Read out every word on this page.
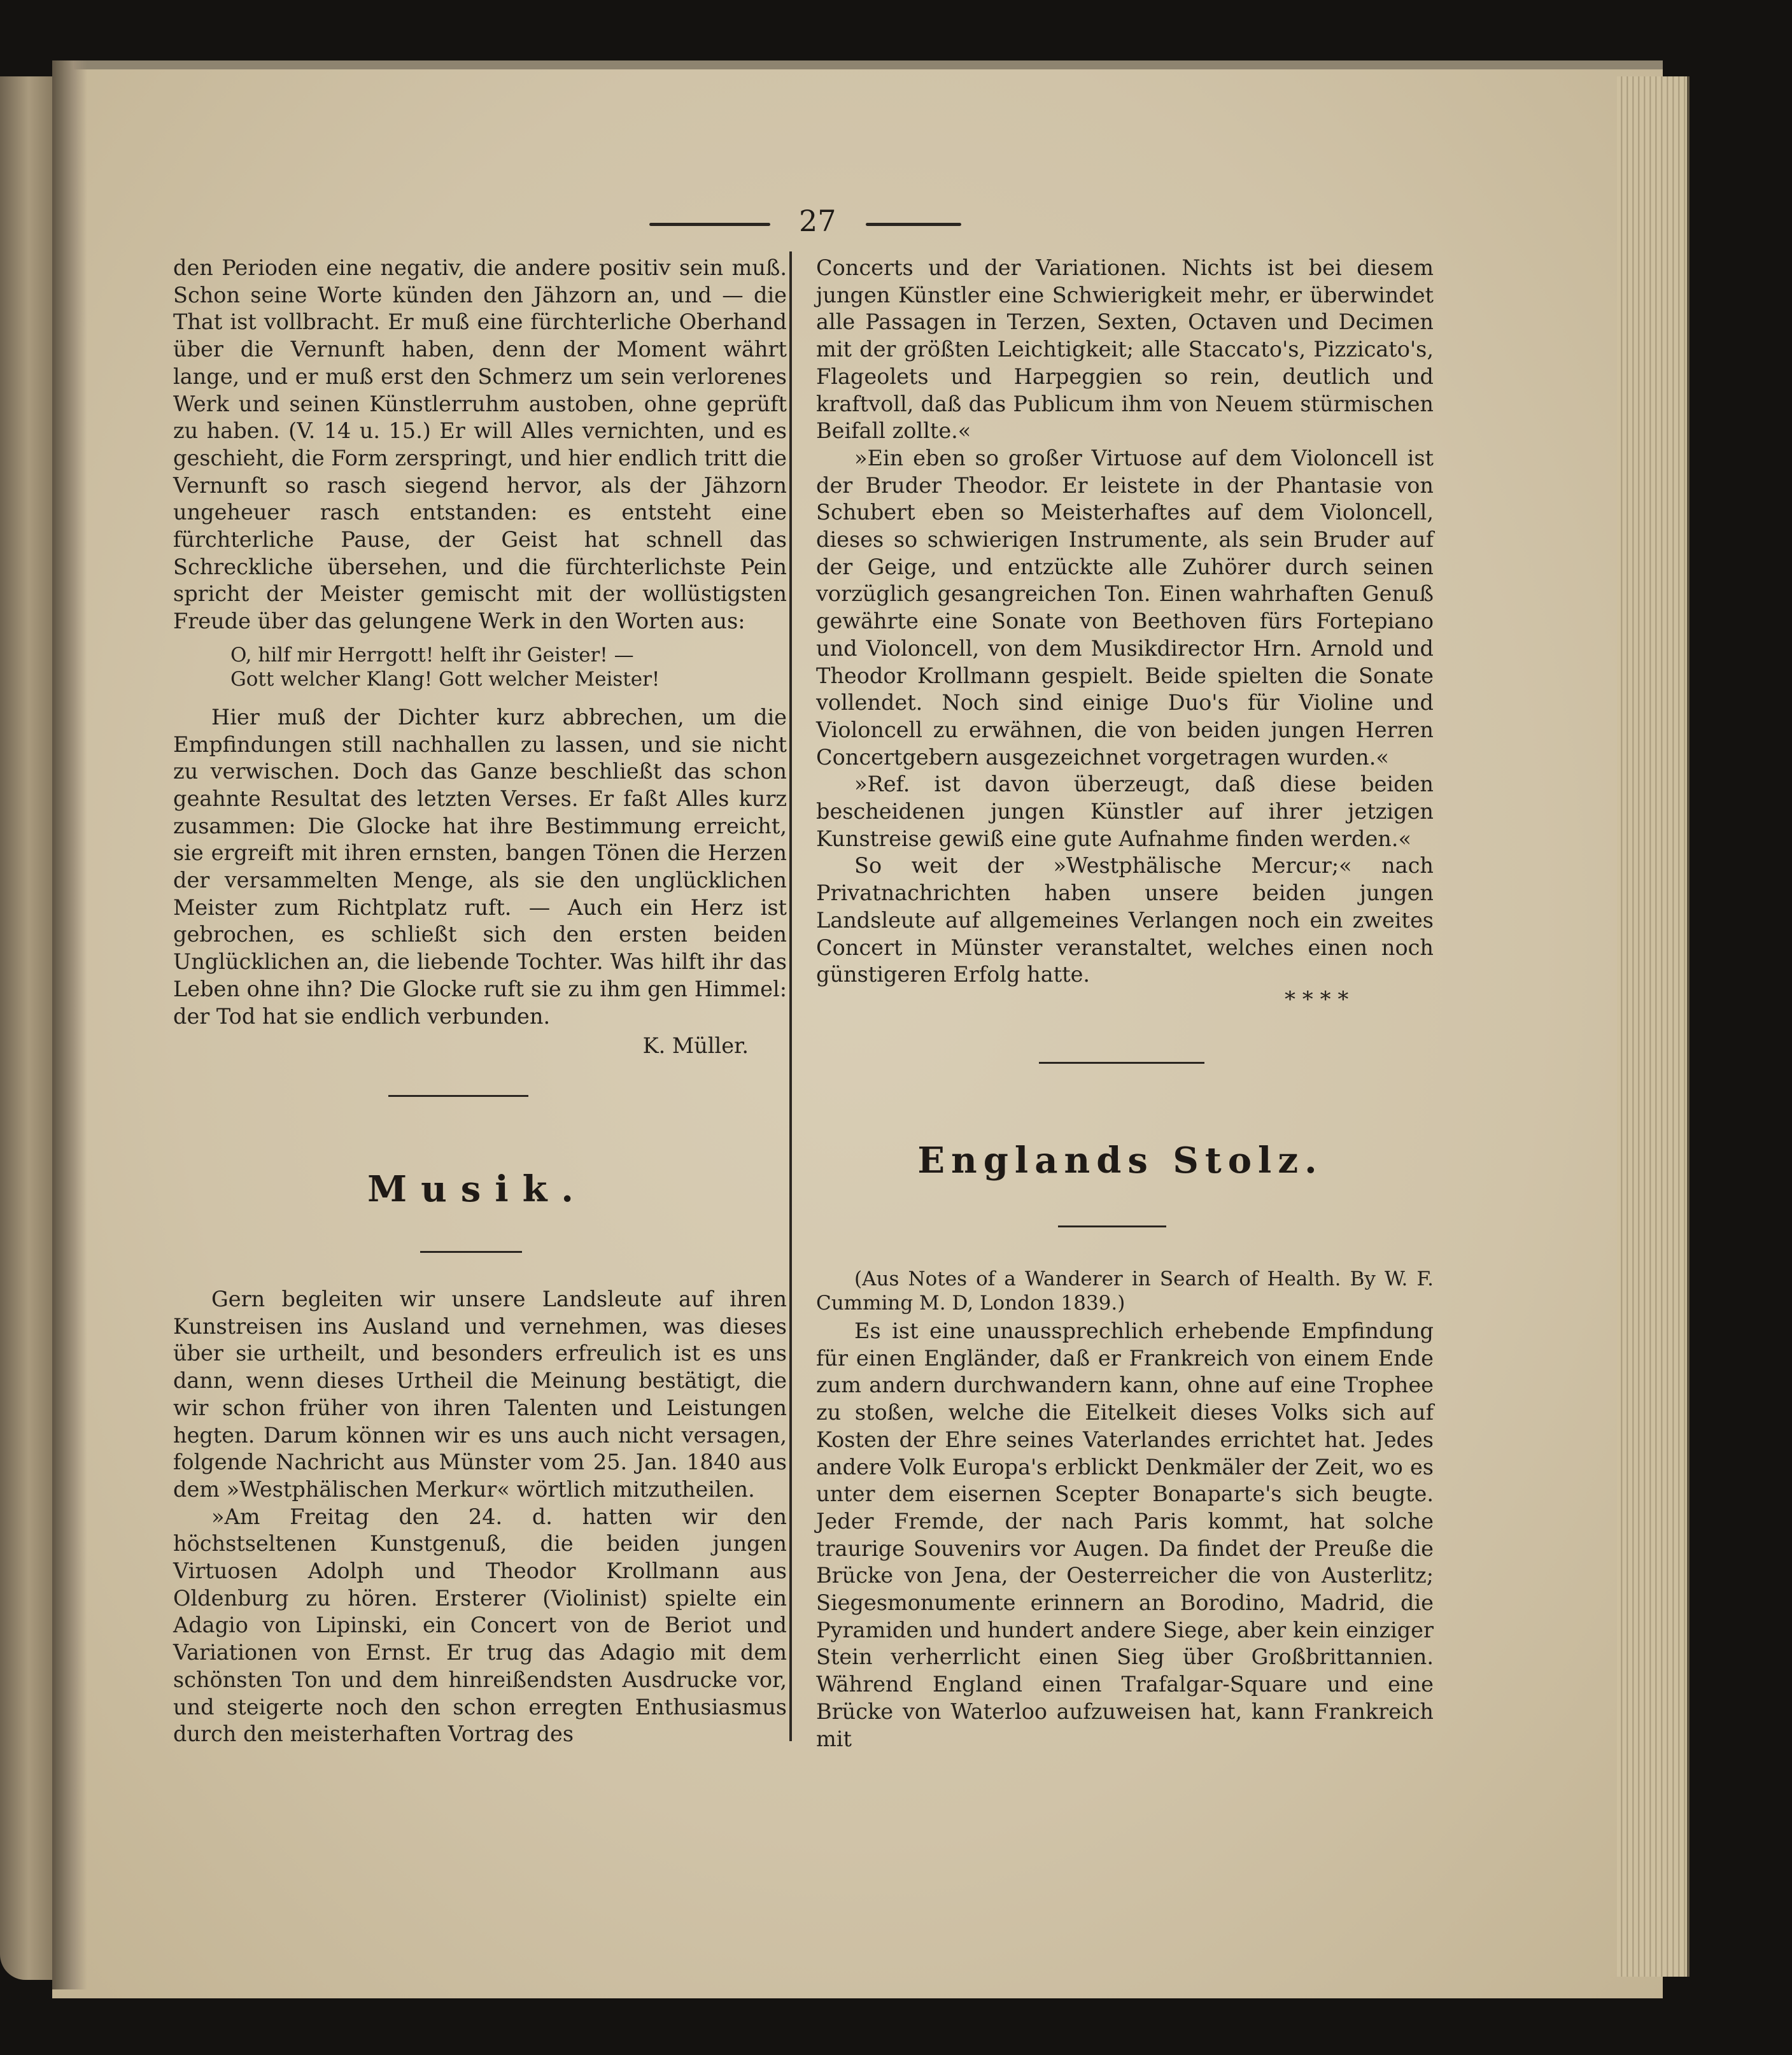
27

den Perioden eine negativ, die andere positiv sein muß. Schon seine Worte künden den Jähzorn an, und — die That ist vollbracht. Er muß eine fürchterliche Oberhand über die Vernunft haben, denn der Moment währt lange, und er muß erst den Schmerz um sein verlorenes Werk und seinen Künstlerruhm austoben, ohne geprüft zu haben. (V. 14 u. 15.) Er will Alles vernichten, und es geschieht, die Form zerspringt, und hier endlich tritt die Vernunft so rasch siegend hervor, als der Jähzorn ungeheuer rasch entstanden: es entsteht eine fürchterliche Pause, der Geist hat schnell das Schreckliche übersehen, und die fürchterlichste Pein spricht der Meister gemischt mit der wollüstigsten Freude über das gelungene Werk in den Worten aus:

O, hilf mir Herrgott! helft ihr Geister! —

Gott welcher Klang! Gott welcher Meister!

Hier muß der Dichter kurz abbrechen, um die Empfindungen still nachhallen zu lassen, und sie nicht zu verwischen. Doch das Ganze beschließt das schon geahnte Resultat des letzten Verses. Er faßt Alles kurz zusammen: Die Glocke hat ihre Bestimmung erreicht, sie ergreift mit ihren ernsten, bangen Tönen die Herzen der versammelten Menge, als sie den unglücklichen Meister zum Richtplatz ruft. — Auch ein Herz ist gebrochen, es schließt sich den ersten beiden Unglücklichen an, die liebende Tochter. Was hilft ihr das Leben ohne ihn? Die Glocke ruft sie zu ihm gen Himmel: der Tod hat sie endlich verbunden.

K. Müller.

Musik.

Gern begleiten wir unsere Landsleute auf ihren Kunstreisen ins Ausland und vernehmen, was dieses über sie urtheilt, und besonders erfreulich ist es uns dann, wenn dieses Urtheil die Meinung bestätigt, die wir schon früher von ihren Talenten und Leistungen hegten. Darum können wir es uns auch nicht versagen, folgende Nachricht aus Münster vom 25. Jan. 1840 aus dem »Westphälischen Merkur« wörtlich mitzutheilen.

»Am Freitag den 24. d. hatten wir den höchstseltenen Kunstgenuß, die beiden jungen Virtuosen Adolph und Theodor Krollmann aus Oldenburg zu hören. Ersterer (Violinist) spielte ein Adagio von Lipinski, ein Concert von de Beriot und Variationen von Ernst. Er trug das Adagio mit dem schönsten Ton und dem hinreißendsten Ausdrucke vor, und steigerte noch den schon erregten Enthusiasmus durch den meisterhaften Vortrag des

Concerts und der Variationen. Nichts ist bei diesem jungen Künstler eine Schwierigkeit mehr, er überwindet alle Passagen in Terzen, Sexten, Octaven und Decimen mit der größten Leichtigkeit; alle Staccato's, Pizzicato's, Flageolets und Harpeggien so rein, deutlich und kraftvoll, daß das Publicum ihm von Neuem stürmischen Beifall zollte.«

»Ein eben so großer Virtuose auf dem Violoncell ist der Bruder Theodor. Er leistete in der Phantasie von Schubert eben so Meisterhaftes auf dem Violoncell, dieses so schwierigen Instrumente, als sein Bruder auf der Geige, und entzückte alle Zuhörer durch seinen vorzüglich gesangreichen Ton. Einen wahrhaften Genuß gewährte eine Sonate von Beethoven fürs Fortepiano und Violoncell, von dem Musikdirector Hrn. Arnold und Theodor Krollmann gespielt. Beide spielten die Sonate vollendet. Noch sind einige Duo's für Violine und Violoncell zu erwähnen, die von beiden jungen Herren Concertgebern ausgezeichnet vorgetragen wurden.«

»Ref. ist davon überzeugt, daß diese beiden bescheidenen jungen Künstler auf ihrer jetzigen Kunstreise gewiß eine gute Aufnahme finden werden.«

So weit der »Westphälische Mercur;« nach Privatnachrichten haben unsere beiden jungen Landsleute auf allgemeines Verlangen noch ein zweites Concert in Münster veranstaltet, welches einen noch günstigeren Erfolg hatte.

* * * *
Englands Stolz.

(Aus Notes of a Wanderer in Search of Health. By W. F. Cumming M. D, London 1839.)

Es ist eine unaussprechlich erhebende Empfindung für einen Engländer, daß er Frankreich von einem Ende zum andern durchwandern kann, ohne auf eine Trophee zu stoßen, welche die Eitelkeit dieses Volks sich auf Kosten der Ehre seines Vaterlandes errichtet hat. Jedes andere Volk Europa's erblickt Denkmäler der Zeit, wo es unter dem eisernen Scepter Bonaparte's sich beugte. Jeder Fremde, der nach Paris kommt, hat solche traurige Souvenirs vor Augen. Da findet der Preuße die Brücke von Jena, der Oesterreicher die von Austerlitz; Siegesmonumente erinnern an Borodino, Madrid, die Pyramiden und hundert andere Siege, aber kein einziger Stein verherrlicht einen Sieg über Großbrittannien. Während England einen Trafalgar-Square und eine Brücke von Waterloo aufzuweisen hat, kann Frankreich mit
